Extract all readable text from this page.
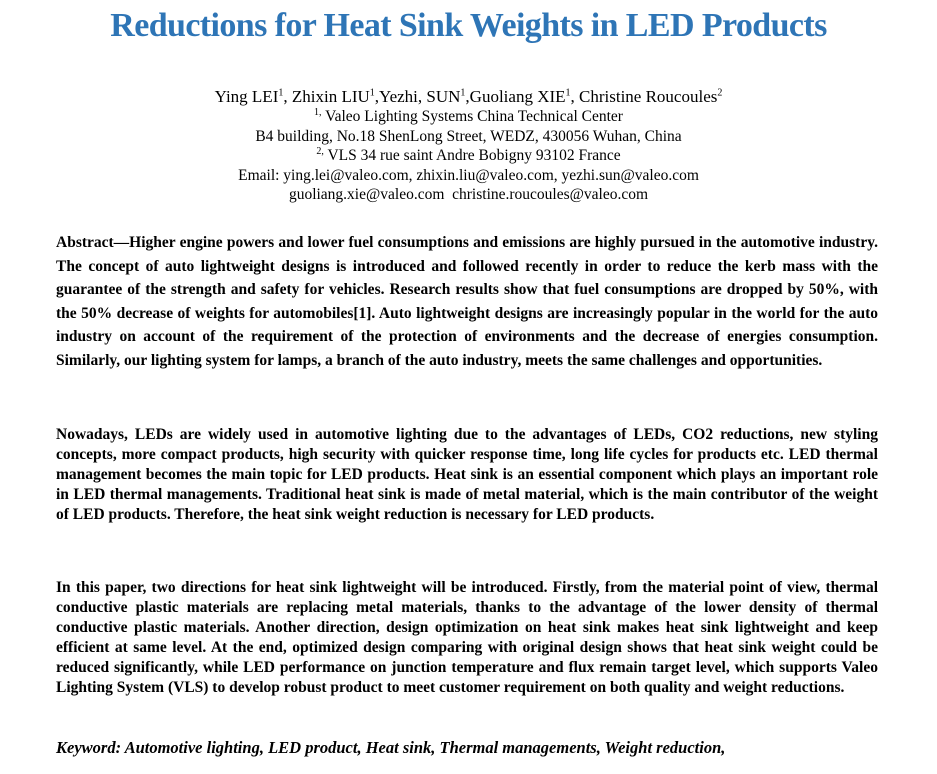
Reductions for Heat Sink Weights in LED Products
Ying LEI$^1$, Zhixin LIU$^1$,Yezhi, SUN$^1$,Guoliang XIE$^1$, Christine Roucoules$^2$
$^{1,}$ Valeo Lighting Systems China Technical Center
B4 building, No.18 ShenLong Street, WEDZ, 430056 Wuhan, China
$^{2,}$ VLS 34 rue saint Andre Bobigny 93102 France
Email: ying.lei@valeo.com, zhixin.liu@valeo.com, yezhi.sun@valeo.com
guoliang.xie@valeo.com  christine.roucoules@valeo.com

Abstract—Higher engine powers and lower fuel consumptions and emissions are highly pursued in the automotive industry. The concept of auto lightweight designs is introduced and followed recently in order to reduce the kerb mass with the guarantee of the strength and safety for vehicles. Research results show that fuel consumptions are dropped by 50%, with the 50% decrease of weights for automobiles[1]. Auto lightweight designs are increasingly popular in the world for the auto industry on account of the requirement of the protection of environments and the decrease of energies consumption. Similarly, our lighting system for lamps, a branch of the auto industry, meets the same challenges and opportunities.

Nowadays, LEDs are widely used in automotive lighting due to the advantages of LEDs, CO2 reductions, new styling concepts, more compact products, high security with quicker response time, long life cycles for products etc. LED thermal management becomes the main topic for LED products. Heat sink is an essential component which plays an important role in LED thermal managements. Traditional heat sink is made of metal material, which is the main contributor of the weight of LED products. Therefore, the heat sink weight reduction is necessary for LED products.

In this paper, two directions for heat sink lightweight will be introduced. Firstly, from the material point of view, thermal conductive plastic materials are replacing metal materials, thanks to the advantage of the lower density of thermal conductive plastic materials. Another direction, design optimization on heat sink makes heat sink lightweight and keep efficient at same level. At the end, optimized design comparing with original design shows that heat sink weight could be reduced significantly, while LED performance on junction temperature and flux remain target level, which supports Valeo Lighting System (VLS) to develop robust product to meet customer requirement on both quality and weight reductions.

Keyword: Automotive lighting, LED product, Heat sink, Thermal managements, Weight reduction,
